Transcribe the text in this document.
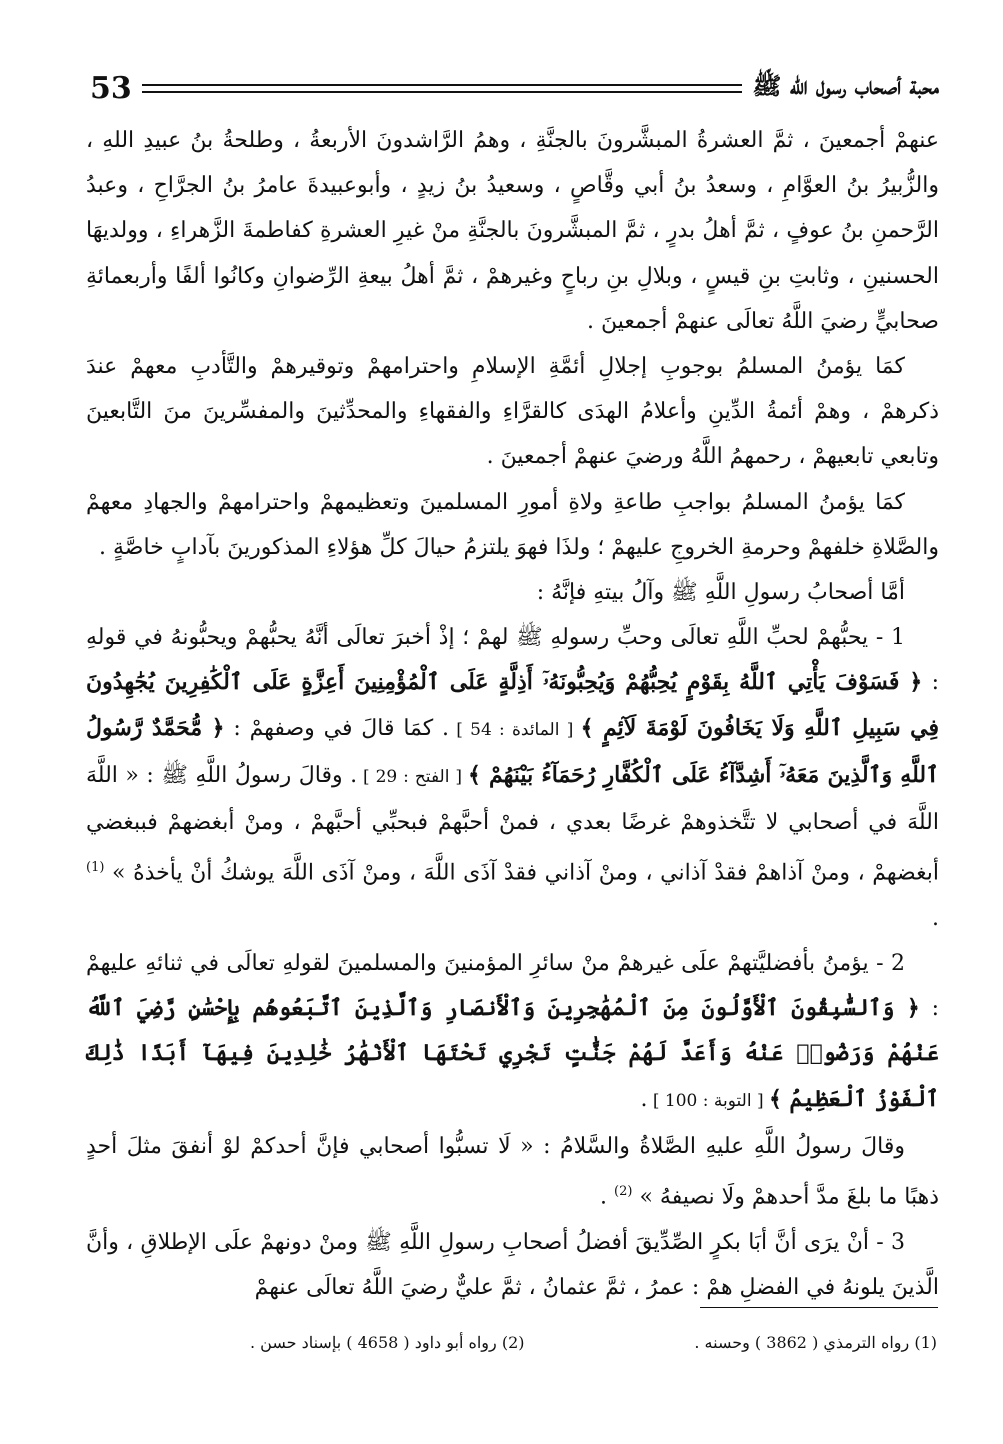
محبة أصحاب رسول الله ﷺ
53

عنهمْ أجمعينَ ، ثمَّ العشرةُ المبشَّرونَ بالجنَّةِ ، وهمُ الرَّاشدونَ الأربعةُ ، وطلحةُ بنُ عبيدِ اللهِ ، والزُّبيرُ بنُ العوَّامِ ، وسعدُ بنُ أبي وقَّاصٍ ، وسعيدُ بنُ زيدٍ ، وأبوعبيدةَ عامرُ بنُ الجرَّاحِ ، وعبدُ الرَّحمنِ بنُ عوفٍ ، ثمَّ أهلُ بدرٍ ، ثمَّ المبشَّرونَ بالجنَّةِ منْ غيرِ العشرةِ كفاطمةَ الزَّهراءِ ، وولديهَا الحسنينِ ، وثابتِ بنِ قيسٍ ، وبلالِ بنِ رباحٍ وغيرهمْ ، ثمَّ أهلُ بيعةِ الرِّضوانِ وكانُوا ألفًا وأربعمائةِ صحابيٍّ رضيَ اللَّهُ تعالَى عنهمْ أجمعينَ .

كمَا يؤمنُ المسلمُ بوجوبِ إجلالِ أئمَّةِ الإسلامِ واحترامهمْ وتوقيرهمْ والتَّأدبِ معهمْ عندَ ذكرهمْ ، وهمْ أئمةُ الدِّينِ وأعلامُ الهدَى كالقرَّاءِ والفقهاءِ والمحدِّثينَ والمفسِّرينَ منَ التَّابعينَ وتابعي تابعيهمْ ، رحمهمُ اللَّهُ ورضيَ عنهمْ أجمعينَ .

كمَا يؤمنُ المسلمُ بواجبِ طاعةِ ولاةِ أمورِ المسلمينَ وتعظيمهمْ واحترامهمْ والجهادِ معهمْ والصَّلاةِ خلفهمْ وحرمةِ الخروجِ عليهمْ ؛ ولذَا فهوَ يلتزمُ حيالَ كلِّ هؤلاءِ المذكورينَ بآدابٍ خاصَّةٍ .

أمَّا أصحابُ رسولِ اللَّهِ ﷺ وآلُ بيتهِ فإنَّهُ :

1 - يحبُّهمْ لحبِّ اللَّهِ تعالَى وحبِّ رسولهِ ﷺ لهمْ ؛ إذْ أخبرَ تعالَى أنَّهُ يحبُّهمْ ويحبُّونهُ في قولهِ : ﴿ فَسَوْفَ يَأْتِي ٱللَّهُ بِقَوْمٍ يُحِبُّهُمْ وَيُحِبُّونَهُۥٓ أَذِلَّةٍ عَلَى ٱلْمُؤْمِنِينَ أَعِزَّةٍ عَلَى ٱلْكَٰفِرِينَ يُجَٰهِدُونَ فِي سَبِيلِ ٱللَّهِ وَلَا يَخَافُونَ لَوْمَةَ لَآئِمٍ ﴾ [ المائدة : 54 ] . كمَا قالَ في وصفهمْ : ﴿ مُّحَمَّدٌ رَّسُولُ ٱللَّهِ وَٱلَّذِينَ مَعَهُۥٓ أَشِدَّآءُ عَلَى ٱلْكُفَّارِ رُحَمَآءُ بَيْنَهُمْ ﴾ [ الفتح : 29 ] . وقالَ رسولُ اللَّهِ ﷺ : « اللَّهَ اللَّهَ في أصحابي لا تتَّخذوهمْ غرضًا بعدي ، فمنْ أحبَّهمْ فبحبِّي أحبَّهمْ ، ومنْ أبغضهمْ فببغضي أبغضهمْ ، ومنْ آذاهمْ فقدْ آذاني ، ومنْ آذاني فقدْ آذَى اللَّهَ ، ومنْ آذَى اللَّهَ يوشكُ أنْ يأخذهُ » $^{(1)}$ .

2 - يؤمنُ بأفضليَّتهمْ علَى غيرهمْ منْ سائرِ المؤمنينَ والمسلمينَ لقولهِ تعالَى في ثنائهِ عليهمْ : ﴿ وَٱلسَّٰبِقُونَ ٱلْأَوَّلُونَ مِنَ ٱلْمُهَٰجِرِينَ وَٱلْأَنصَارِ وَٱلَّذِينَ ٱتَّبَعُوهُم بِإِحْسَٰنٍ رَّضِيَ ٱللَّهُ عَنْهُمْ وَرَضُوا۟ عَنْهُ وَأَعَدَّ لَهُمْ جَنَّٰتٍ تَجْرِي تَحْتَهَا ٱلْأَنْهَٰرُ خَٰلِدِينَ فِيهَآ أَبَدًا ذَٰلِكَ ٱلْفَوْزُ ٱلْعَظِيمُ ﴾ [ التوبة : 100 ] .

وقالَ رسولُ اللَّهِ عليهِ الصَّلاةُ والسَّلامُ : « لَا تسبُّوا أصحابي فإنَّ أحدكمْ لوْ أنفقَ مثلَ أحدٍ ذهبًا ما بلغَ مدَّ أحدهمْ ولَا نصيفهُ » $^{(2)}$ .

3 - أنْ يرَى أنَّ أبَا بكرٍ الصِّدِّيقَ أفضلُ أصحابِ رسولِ اللَّهِ ﷺ ومنْ دونهمْ علَى الإطلاقِ ، وأنَّ الَّذينَ يلونهُ في الفضلِ همْ : عمرُ ، ثمَّ عثمانُ ، ثمَّ عليٌّ رضيَ اللَّهُ تعالَى عنهمْ

(1) رواه الترمذي ( 3862 ) وحسنه .
(2) رواه أبو داود ( 4658 ) بإسناد حسن .
